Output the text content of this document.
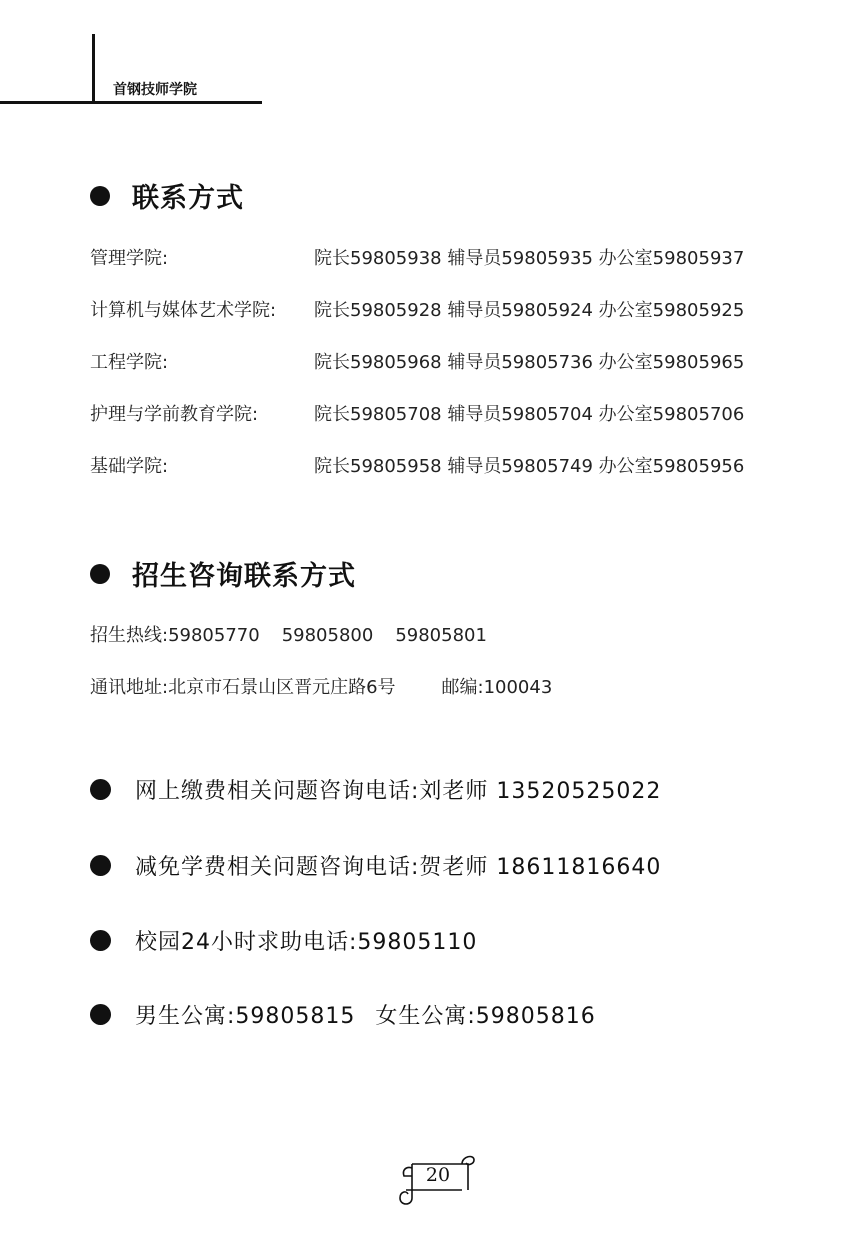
首钢技师学院
联系方式
管理学院:	院长59805938 辅导员59805935 办公室59805937
计算机与媒体艺术学院: 院长59805928 辅导员59805924 办公室59805925
工程学院:	院长59805968 辅导员59805736 办公室59805965
护理与学前教育学院:	院长59805708 辅导员59805704 办公室59805706
基础学院:	院长59805958 辅导员59805749 办公室59805956
招生咨询联系方式
招生热线:59805770 59805800 59805801
通讯地址:北京市石景山区晋元庄路6号	邮编:100043
网上缴费相关问题咨询电话:刘老师 13520525022
减免学费相关问题咨询电话:贺老师 18611816640
校园24小时求助电话:59805110
男生公寓:59805815 女生公寓:59805816
20
